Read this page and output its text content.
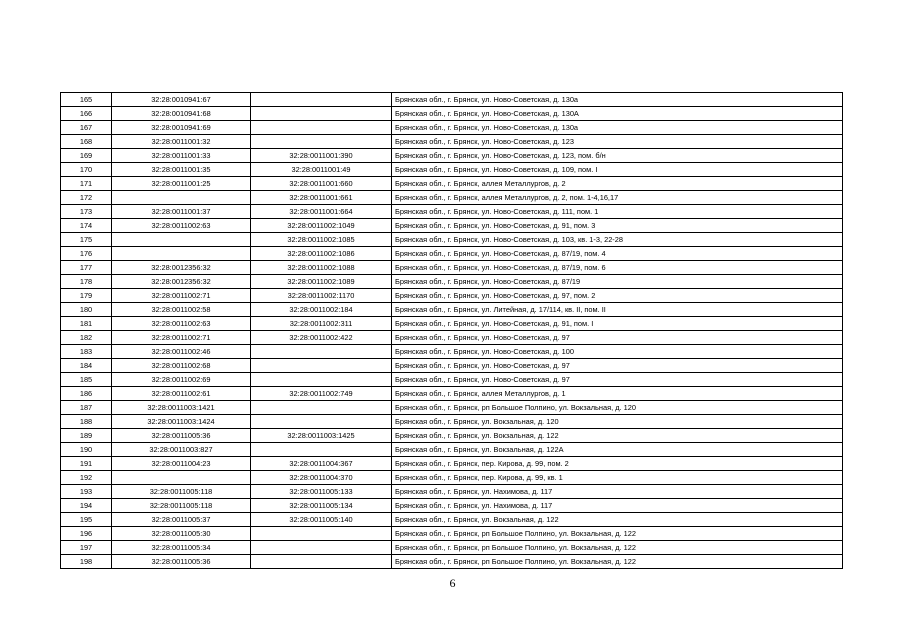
165	32:28:0010941:67		Брянская обл., г. Брянск, ул. Ново-Советская, д. 130а
166	32:28:0010941:68		Брянская обл., г. Брянск, ул. Ново-Советская, д. 130А
167	32:28:0010941:69		Брянская обл., г. Брянск, ул. Ново-Советская, д. 130а
168	32:28:0011001:32		Брянская обл., г. Брянск, ул. Ново-Советская, д. 123
169	32:28:0011001:33	32:28:0011001:390	Брянская обл., г. Брянск, ул. Ново-Советская, д. 123, пом. б/н
170	32:28:0011001:35	32:28:0011001:49	Брянская обл., г. Брянск, ул. Ново-Советская, д. 109, пом. I
171	32:28:0011001:25	32:28:0011001:660	Брянская обл., г. Брянск, аллея Металлургов, д. 2
172		32:28:0011001:661	Брянская обл., г. Брянск, аллея Металлургов, д. 2, пом. 1-4,16,17
173	32:28:0011001:37	32:28:0011001:664	Брянская обл., г. Брянск, ул. Ново-Советская, д. 111, пом. 1
174	32:28:0011002:63	32:28:0011002:1049	Брянская обл., г. Брянск, ул. Ново-Советская, д. 91, пом. 3
175		32:28:0011002:1085	Брянская обл., г. Брянск, ул. Ново-Советская, д. 103, кв. 1-3, 22-28
176		32:28:0011002:1086	Брянская обл., г. Брянск, ул. Ново-Советская, д. 87/19, пом. 4
177	32:28:0012356:32	32:28:0011002:1088	Брянская обл., г. Брянск, ул. Ново-Советская, д. 87/19, пом. 6
178	32:28:0012356:32	32:28:0011002:1089	Брянская обл., г. Брянск, ул. Ново-Советская, д. 87/19
179	32:28:0011002:71	32:28:0011002:1170	Брянская обл., г. Брянск, ул. Ново-Советская, д. 97, пом. 2
180	32:28:0011002:58	32:28:0011002:184	Брянская обл., г. Брянск, ул. Литейная, д. 17/114, кв. II, пом. II
181	32:28:0011002:63	32:28:0011002:311	Брянская обл., г. Брянск, ул. Ново-Советская, д. 91, пом. I
182	32:28:0011002:71	32:28:0011002:422	Брянская обл., г. Брянск, ул. Ново-Советская, д. 97
183	32:28:0011002:46		Брянская обл., г. Брянск, ул. Ново-Советская, д. 100
184	32:28:0011002:68		Брянская обл., г. Брянск, ул. Ново-Советская, д. 97
185	32:28:0011002:69		Брянская обл., г. Брянск, ул. Ново-Советская, д. 97
186	32:28:0011002:61	32:28:0011002:749	Брянская обл., г. Брянск, аллея Металлургов, д. 1
187	32:28:0011003:1421		Брянская обл., г. Брянск, рп Большое Полпино, ул. Вокзальная, д. 120
188	32:28:0011003:1424		Брянская обл., г. Брянск, ул. Вокзальная, д. 120
189	32:28:0011005:36	32:28:0011003:1425	Брянская обл., г. Брянск, ул. Вокзальная, д. 122
190	32:28:0011003:827		Брянская обл., г. Брянск, ул. Вокзальная, д. 122А
191	32:28:0011004:23	32:28:0011004:367	Брянская обл., г. Брянск, пер. Кирова, д. 99, пом. 2
192		32:28:0011004:370	Брянская обл., г. Брянск, пер. Кирова, д. 99, кв. 1
193	32:28:0011005:118	32:28:0011005:133	Брянская обл., г. Брянск, ул. Нахимова, д. 117
194	32:28:0011005:118	32:28:0011005:134	Брянская обл., г. Брянск, ул. Нахимова, д. 117
195	32:28:0011005:37	32:28:0011005:140	Брянская обл., г. Брянск, ул. Вокзальная, д. 122
196	32:28:0011005:30		Брянская обл., г. Брянск, рп Большое Полпино, ул. Вокзальная, д. 122
197	32:28:0011005:34		Брянская обл., г. Брянск, рп Большое Полпино, ул. Вокзальная, д. 122
198	32:28:0011005:36		Брянская обл., г. Брянск, рп Большое Полпино, ул. Вокзальная, д. 122
6
